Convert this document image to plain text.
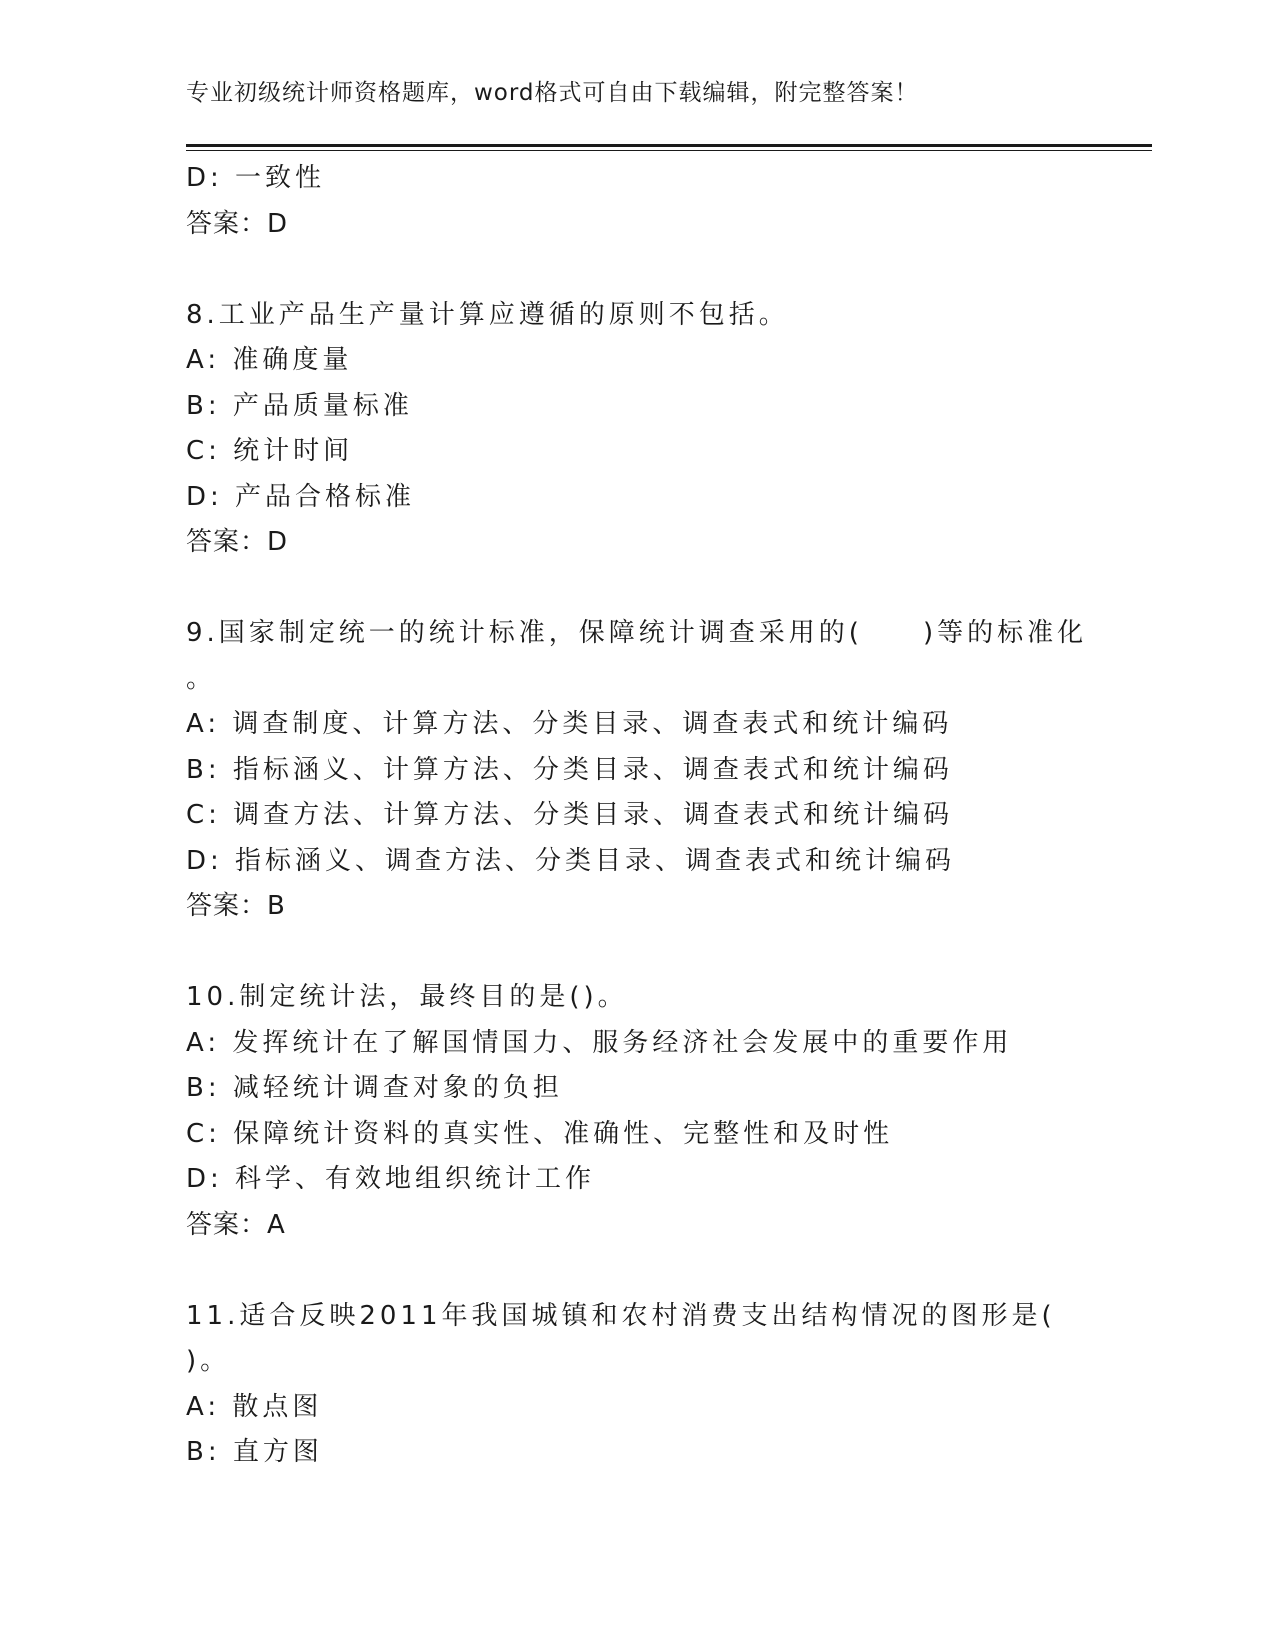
专业初级统计师资格题库，word格式可自由下载编辑，附完整答案！
D: 一致性
答案：D
8.工业产品生产量计算应遵循的原则不包括。
A: 准确度量
B: 产品质量标准
C: 统计时间
D: 产品合格标准
答案：D
9.国家制定统一的统计标准，保障统计调查采用的(　　)等的标准化
。
A: 调查制度、计算方法、分类目录、调查表式和统计编码
B: 指标涵义、计算方法、分类目录、调查表式和统计编码
C: 调查方法、计算方法、分类目录、调查表式和统计编码
D: 指标涵义、调查方法、分类目录、调查表式和统计编码
答案：B
10.制定统计法，最终目的是()。
A: 发挥统计在了解国情国力、服务经济社会发展中的重要作用
B: 减轻统计调查对象的负担
C: 保障统计资料的真实性、准确性、完整性和及时性
D: 科学、有效地组织统计工作
答案：A
11.适合反映2011年我国城镇和农村消费支出结构情况的图形是(
)。
A: 散点图
B: 直方图
